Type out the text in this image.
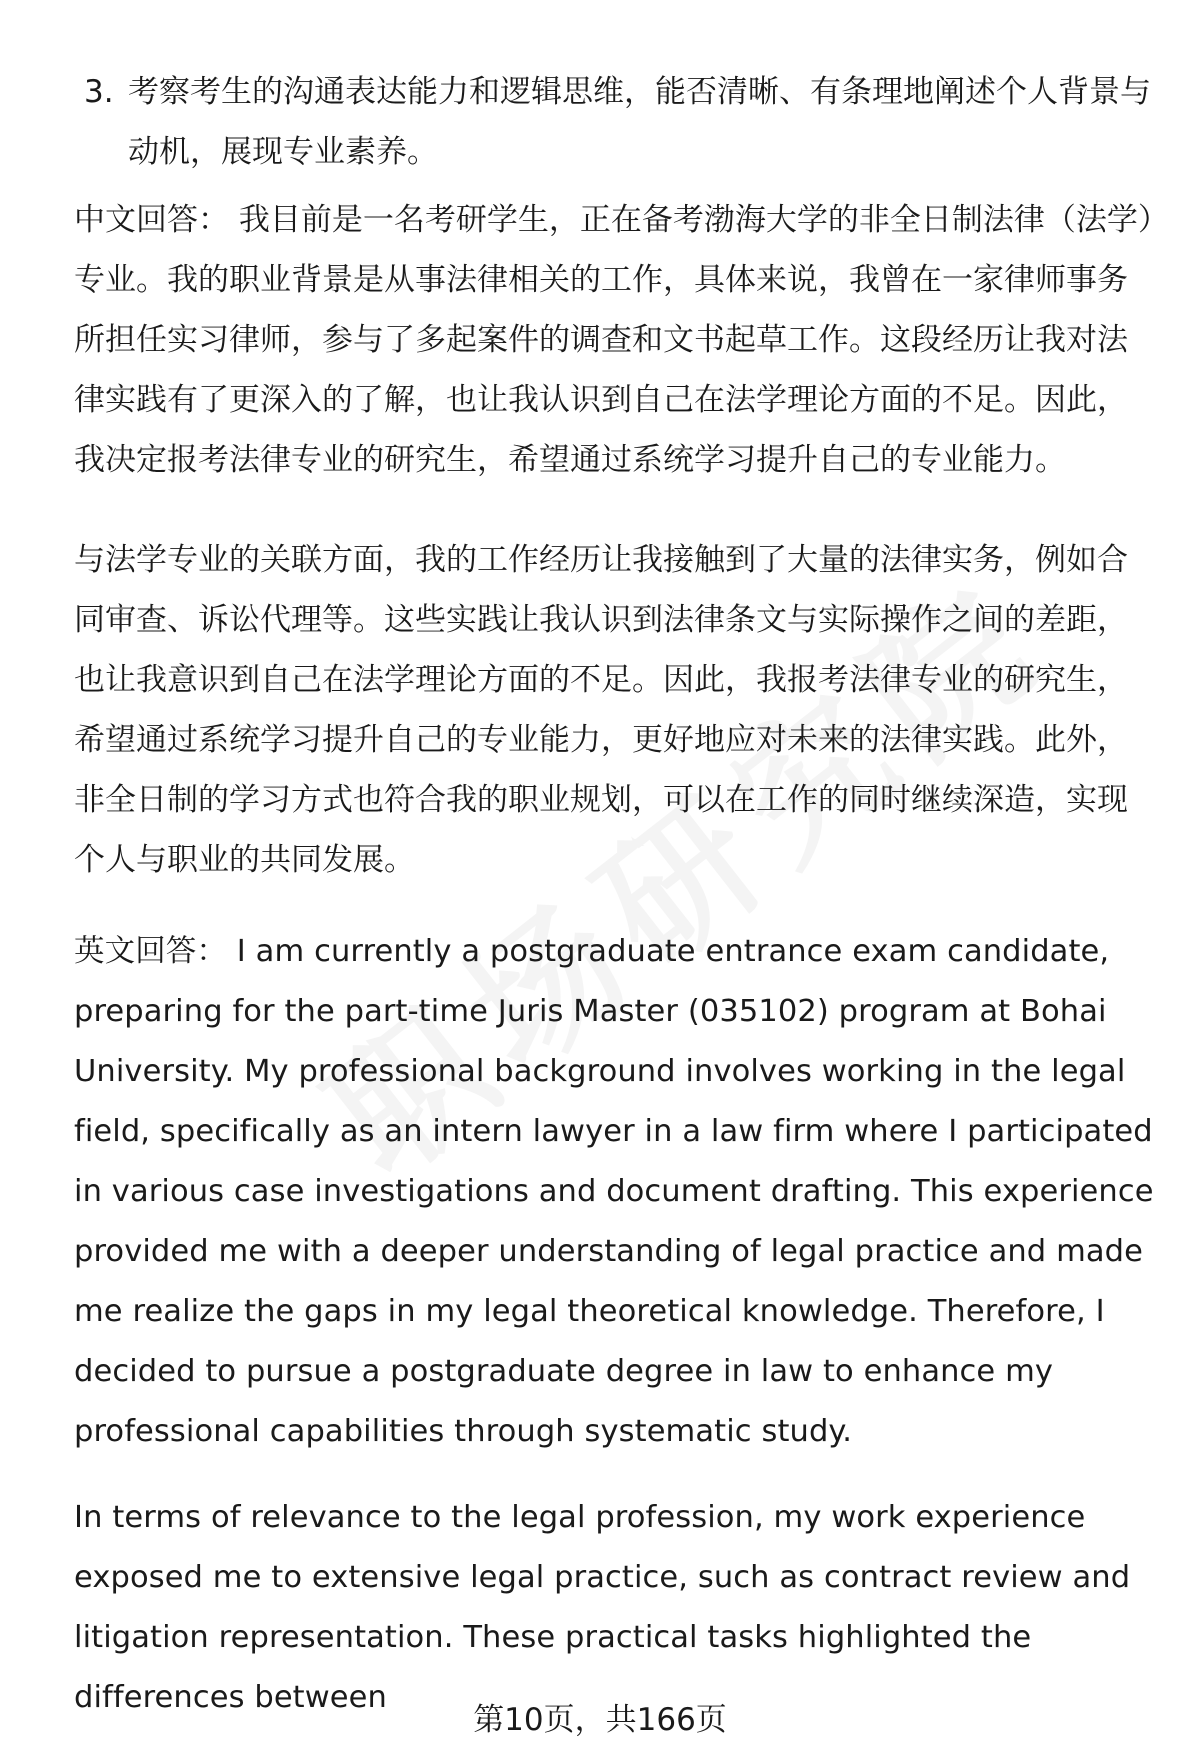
3. 考察考生的沟通表达能力和逻辑思维，能否清晰、有条理地阐述个人背景与动机，展现专业素养。
中文回答： 我目前是一名考研学生，正在备考渤海大学的非全日制法律（法学）专业。我的职业背景是从事法律相关的工作，具体来说，我曾在一家律师事务所担任实习律师，参与了多起案件的调查和文书起草工作。这段经历让我对法律实践有了更深入的了解，也让我认识到自己在法学理论方面的不足。因此，我决定报考法律专业的研究生，希望通过系统学习提升自己的专业能力。
与法学专业的关联方面，我的工作经历让我接触到了大量的法律实务，例如合同审查、诉讼代理等。这些实践让我认识到法律条文与实际操作之间的差距，也让我意识到自己在法学理论方面的不足。因此，我报考法律专业的研究生，希望通过系统学习提升自己的专业能力，更好地应对未来的法律实践。此外，非全日制的学习方式也符合我的职业规划，可以在工作的同时继续深造，实现个人与职业的共同发展。
英文回答： I am currently a postgraduate entrance exam candidate, preparing for the part-time Juris Master (035102) program at Bohai University. My professional background involves working in the legal field, specifically as an intern lawyer in a law firm where I participated in various case investigations and document drafting. This experience provided me with a deeper understanding of legal practice and made me realize the gaps in my legal theoretical knowledge. Therefore, I decided to pursue a postgraduate degree in law to enhance my professional capabilities through systematic study.
In terms of relevance to the legal profession, my work experience exposed me to extensive legal practice, such as contract review and litigation representation. These practical tasks highlighted the differences between
第10页，共166页
